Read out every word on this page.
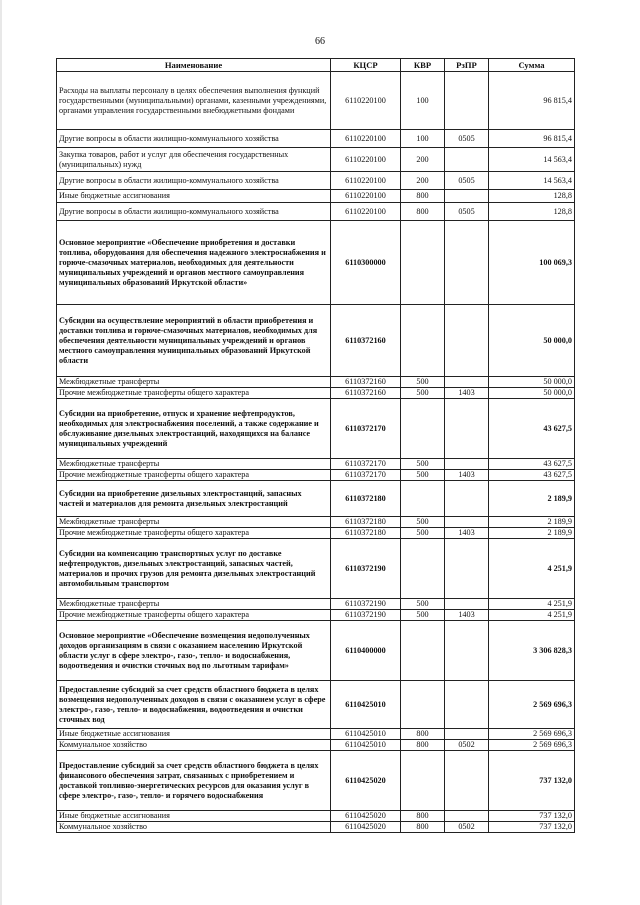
66
Наименование	КЦСР	КВР	РзПР	Сумма
Расходы на выплаты персоналу в целях обеспечения выполнения функций государственными (муниципальными) органами, казенными учреждениями, органами управления государственными внебюджетными фондами	6110220100	100		96 815,4
Другие вопросы в области жилищно-коммунального хозяйства	6110220100	100	0505	96 815,4
Закупка товаров, работ и услуг для обеспечения государственных (муниципальных) нужд	6110220100	200		14 563,4
Другие вопросы в области жилищно-коммунального хозяйства	6110220100	200	0505	14 563,4
Иные бюджетные ассигнования	6110220100	800		128,8
Другие вопросы в области жилищно-коммунального хозяйства	6110220100	800	0505	128,8
Основное мероприятие «Обеспечение приобретения и доставки топлива, оборудования для обеспечения надежного электроснабжения и горюче-смазочных материалов, необходимых для деятельности муниципальных учреждений и органов местного самоуправления муниципальных образований Иркутской области»	6110300000			100 069,3
Субсидии на осуществление мероприятий в области приобретения и доставки топлива и горюче-смазочных материалов, необходимых для обеспечения деятельности муниципальных учреждений и органов местного самоуправления муниципальных образований Иркутской области	6110372160			50 000,0
Межбюджетные трансферты	6110372160	500		50 000,0
Прочие межбюджетные трансферты общего характера	6110372160	500	1403	50 000,0
Субсидии на приобретение, отпуск и хранение нефтепродуктов, необходимых для электроснабжения поселений, а также содержание и обслуживание дизельных электростанций, находящихся на балансе муниципальных учреждений	6110372170			43 627,5
Межбюджетные трансферты	6110372170	500		43 627,5
Прочие межбюджетные трансферты общего характера	6110372170	500	1403	43 627,5
Субсидии на приобретение дизельных электростанций, запасных частей и материалов для ремонта дизельных электростанций	6110372180			2 189,9
Межбюджетные трансферты	6110372180	500		2 189,9
Прочие межбюджетные трансферты общего характера	6110372180	500	1403	2 189,9
Субсидии на компенсацию транспортных услуг по доставке нефтепродуктов, дизельных электростанций, запасных частей, материалов и прочих грузов для ремонта дизельных электростанций автомобильным транспортом	6110372190			4 251,9
Межбюджетные трансферты	6110372190	500		4 251,9
Прочие межбюджетные трансферты общего характера	6110372190	500	1403	4 251,9
Основное мероприятие «Обеспечение возмещения недополученных доходов организациям в связи с оказанием населению Иркутской области услуг в сфере электро-, газо-, тепло- и водоснабжения, водоотведения и очистки сточных вод по льготным тарифам»	6110400000			3 306 828,3
Предоставление субсидий за счет средств областного бюджета в целях возмещения недополученных доходов в связи с оказанием услуг в сфере электро-, газо-, тепло- и водоснабжения, водоотведения и очистки сточных вод	6110425010			2 569 696,3
Иные бюджетные ассигнования	6110425010	800		2 569 696,3
Коммунальное хозяйство	6110425010	800	0502	2 569 696,3
Предоставление субсидий за счет средств областного бюджета в целях финансового обеспечения затрат, связанных с приобретением и доставкой топливно-энергетических ресурсов для оказания услуг в сфере электро-, газо-, тепло- и горячего водоснабжения	6110425020			737 132,0
Иные бюджетные ассигнования	6110425020	800		737 132,0
Коммунальное хозяйство	6110425020	800	0502	737 132,0
